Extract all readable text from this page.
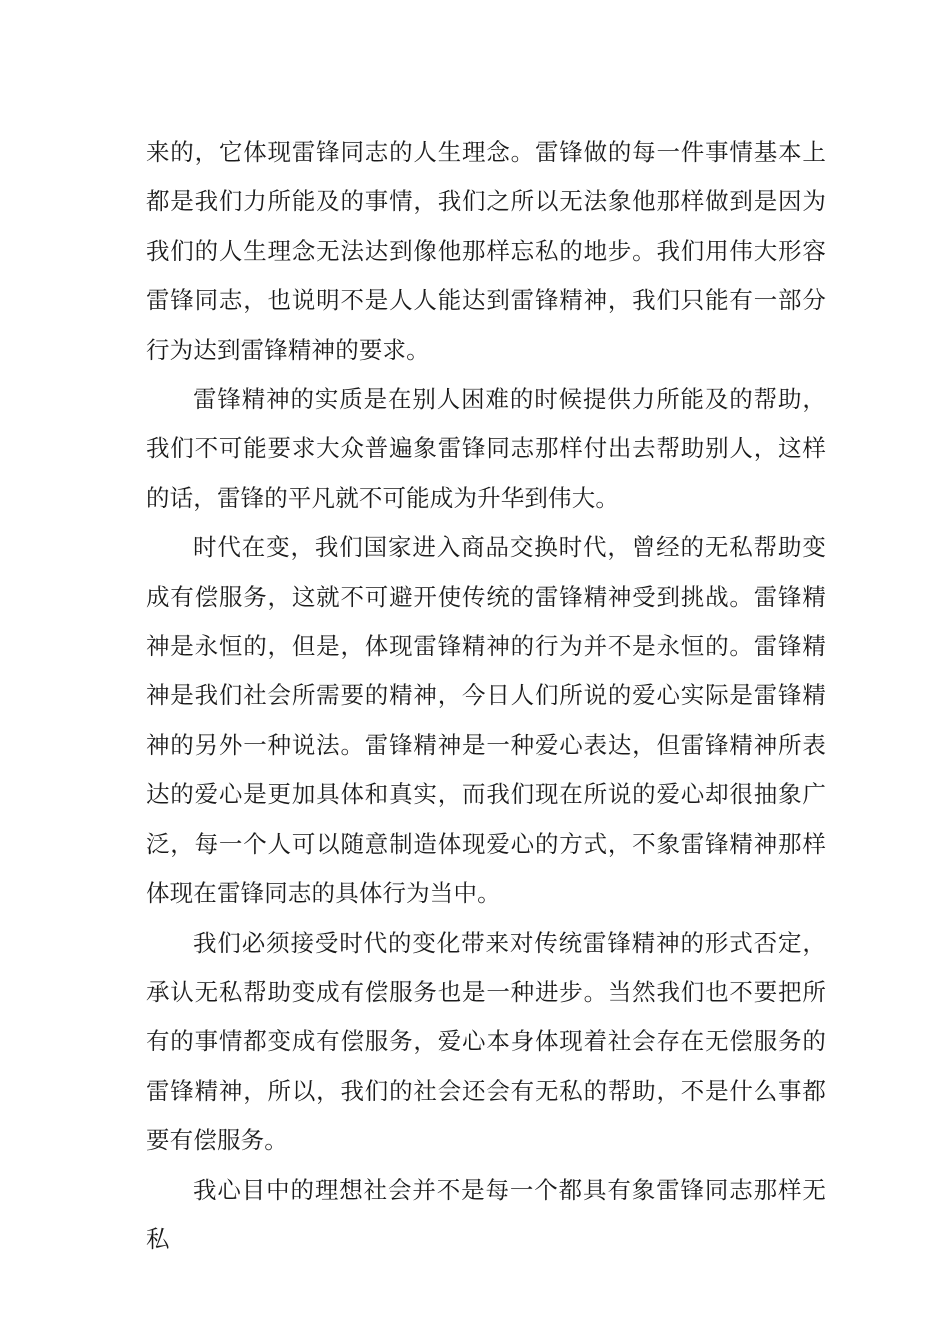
来的，它体现雷锋同志的人生理念。雷锋做的每一件事情基本上都是我们力所能及的事情，我们之所以无法象他那样做到是因为我们的人生理念无法达到像他那样忘私的地步。我们用伟大形容雷锋同志，也说明不是人人能达到雷锋精神，我们只能有一部分行为达到雷锋精神的要求。

雷锋精神的实质是在别人困难的时候提供力所能及的帮助，我们不可能要求大众普遍象雷锋同志那样付出去帮助别人，这样的话，雷锋的平凡就不可能成为升华到伟大。

时代在变，我们国家进入商品交换时代，曾经的无私帮助变成有偿服务，这就不可避开使传统的雷锋精神受到挑战。雷锋精神是永恒的，但是，体现雷锋精神的行为并不是永恒的。雷锋精神是我们社会所需要的精神，今日人们所说的爱心实际是雷锋精神的另外一种说法。雷锋精神是一种爱心表达，但雷锋精神所表达的爱心是更加具体和真实，而我们现在所说的爱心却很抽象广泛，每一个人可以随意制造体现爱心的方式，不象雷锋精神那样体现在雷锋同志的具体行为当中。

我们必须接受时代的变化带来对传统雷锋精神的形式否定，承认无私帮助变成有偿服务也是一种进步。当然我们也不要把所有的事情都变成有偿服务，爱心本身体现着社会存在无偿服务的雷锋精神，所以，我们的社会还会有无私的帮助，不是什么事都要有偿服务。

我心目中的理想社会并不是每一个都具有象雷锋同志那样无私
